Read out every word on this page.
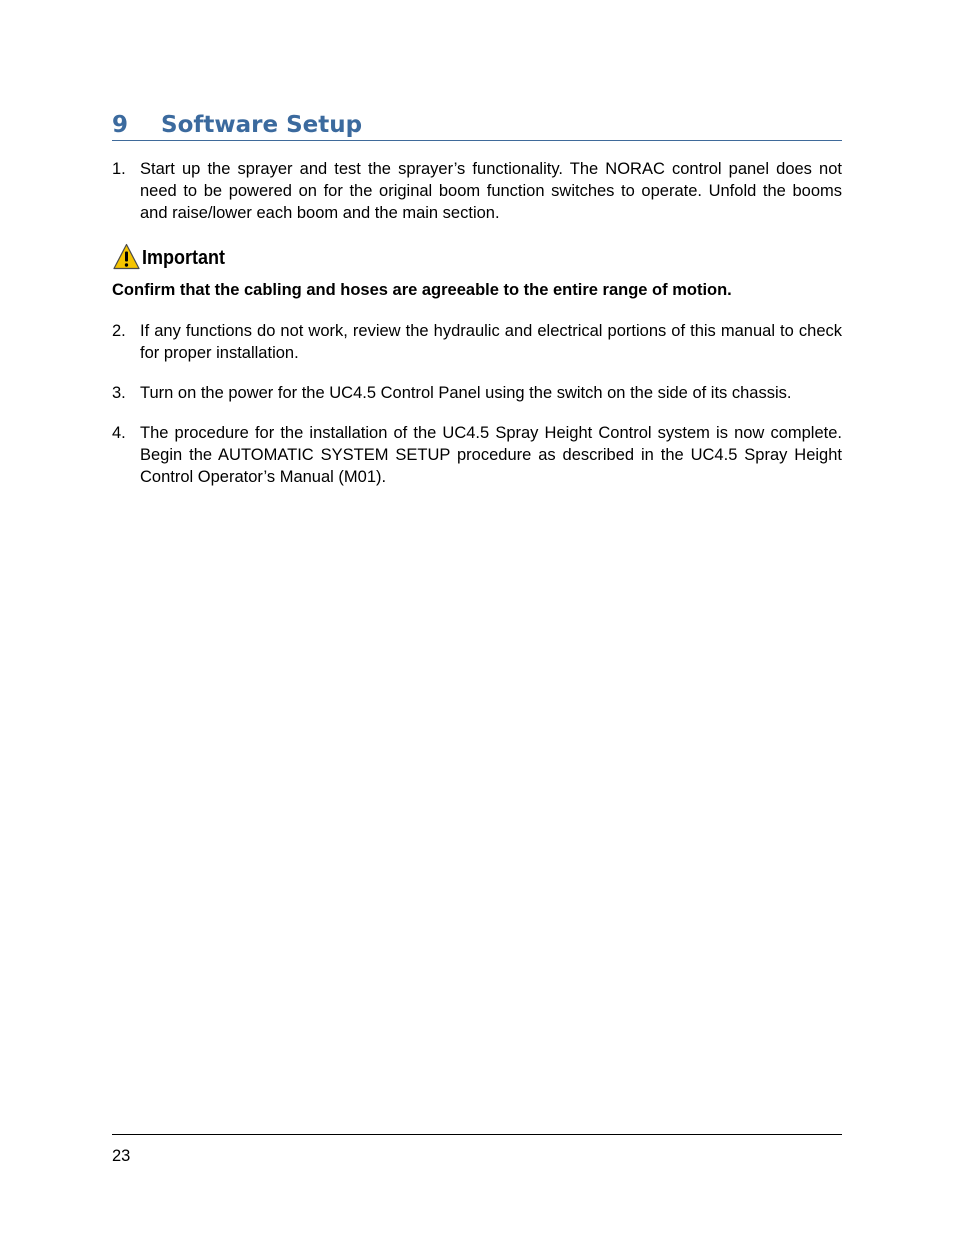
9 Software Setup
1. Start up the sprayer and test the sprayer’s functionality. The NORAC control panel does not need to be powered on for the original boom function switches to operate. Unfold the booms and raise/lower each boom and the main section.
Important
Confirm that the cabling and hoses are agreeable to the entire range of motion.
2. If any functions do not work, review the hydraulic and electrical portions of this manual to check for proper installation.
3. Turn on the power for the UC4.5 Control Panel using the switch on the side of its chassis.
4. The procedure for the installation of the UC4.5 Spray Height Control system is now complete. Begin the AUTOMATIC SYSTEM SETUP procedure as described in the UC4.5 Spray Height Control Operator’s Manual (M01).
23
